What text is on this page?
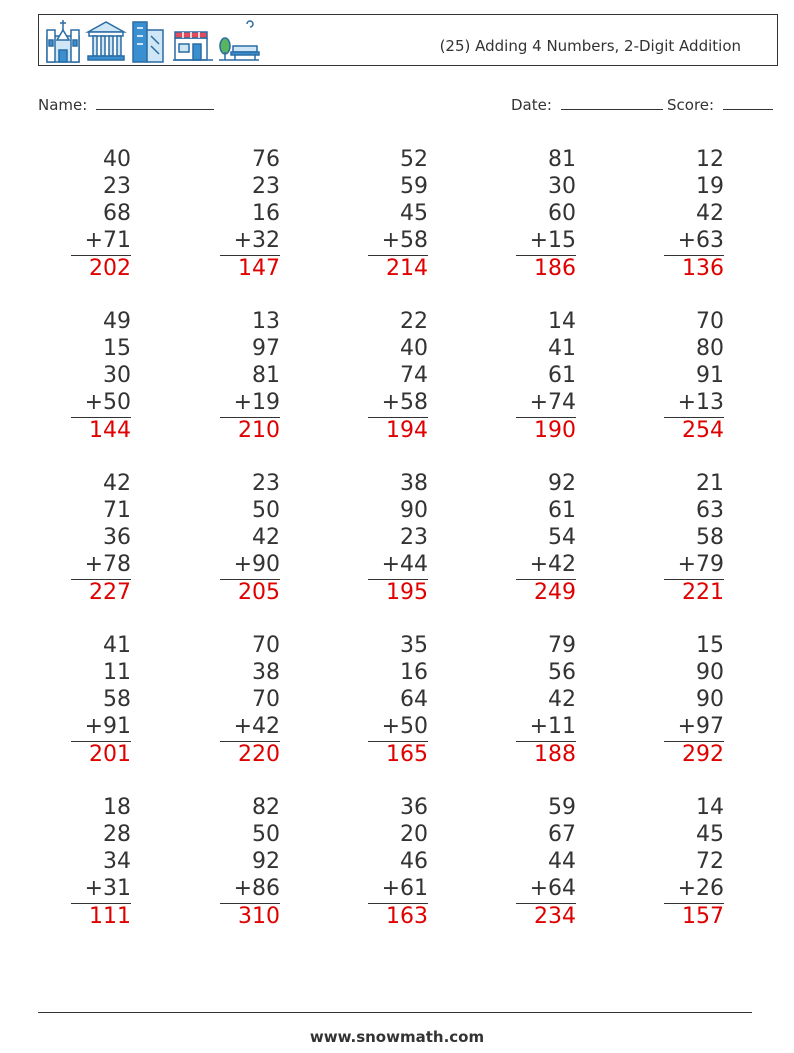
(25) Adding 4 Numbers, 2-Digit Addition
Name:	Date:	Score:
40
23
68
+71
202
76
23
16
+32
147
52
59
45
+58
214
81
30
60
+15
186
12
19
42
+63
136
49
15
30
+50
144
13
97
81
+19
210
22
40
74
+58
194
14
41
61
+74
190
70
80
91
+13
254
42
71
36
+78
227
23
50
42
+90
205
38
90
23
+44
195
92
61
54
+42
249
21
63
58
+79
221
41
11
58
+91
201
70
38
70
+42
220
35
16
64
+50
165
79
56
42
+11
188
15
90
90
+97
292
18
28
34
+31
111
82
50
92
+86
310
36
20
46
+61
163
59
67
44
+64
234
14
45
72
+26
157
www.snowmath.com
